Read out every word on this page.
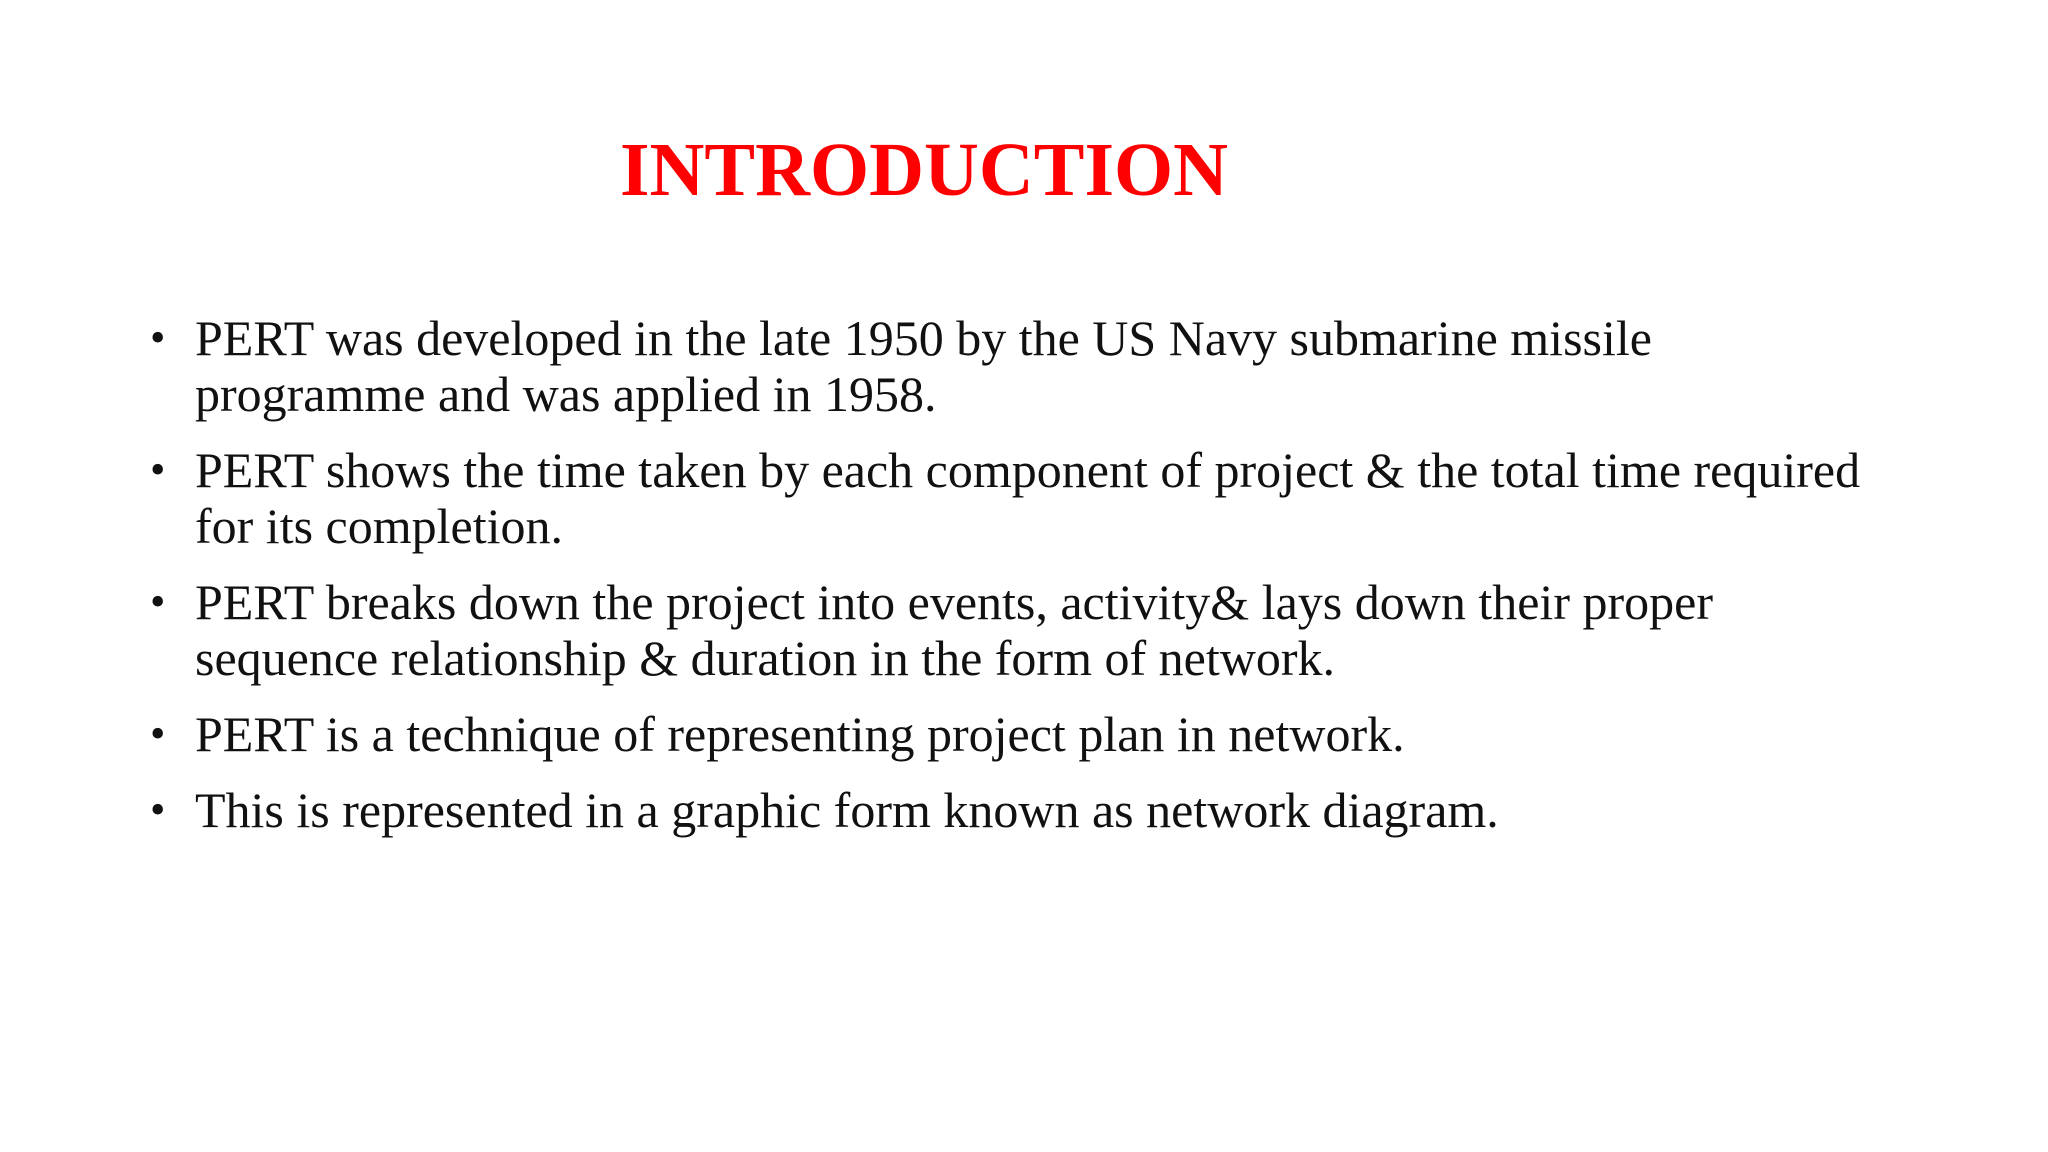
INTRODUCTION
• PERT was developed in the late 1950 by the US Navy submarine missile programme and was applied in 1958.
• PERT shows the time taken by each component of project & the total time required for its completion.
• PERT breaks down the project into events, activity& lays down their proper sequence relationship & duration in the form of network.
• PERT is a technique of representing project plan in network.
• This is represented in a graphic form known as network diagram.
